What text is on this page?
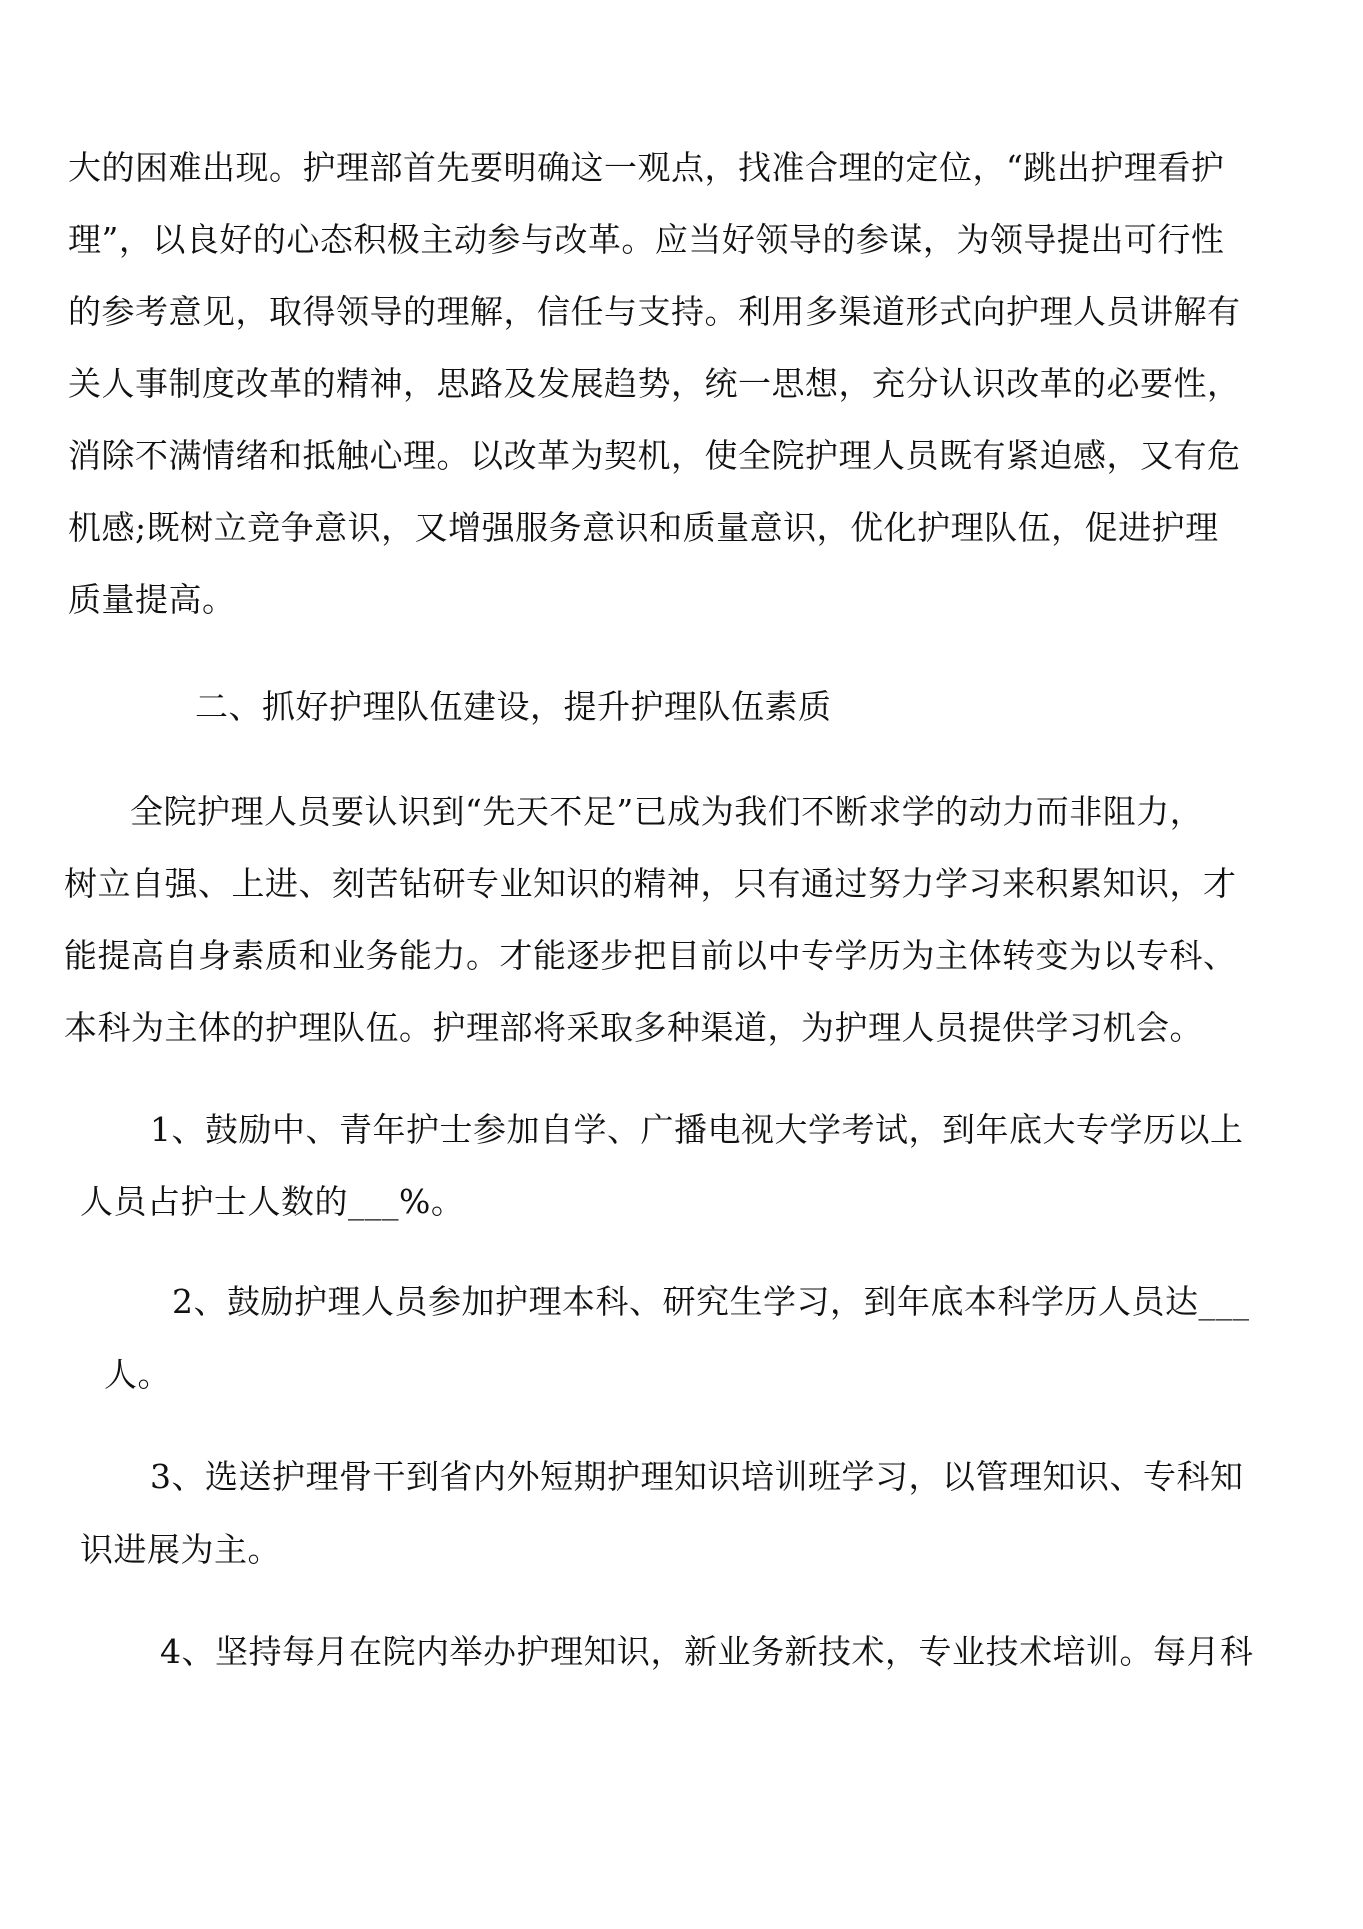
大的困难出现。护理部首先要明确这一观点，找准合理的定位，“跳出护理看护
理”，以良好的心态积极主动参与改革。应当好领导的参谋，为领导提出可行性
的参考意见，取得领导的理解，信任与支持。利用多渠道形式向护理人员讲解有
关人事制度改革的精神，思路及发展趋势，统一思想，充分认识改革的必要性，
消除不满情绪和抵触心理。以改革为契机，使全院护理人员既有紧迫感，又有危
机感;既树立竞争意识，又增强服务意识和质量意识，优化护理队伍，促进护理
质量提高。
二、抓好护理队伍建设，提升护理队伍素质
全院护理人员要认识到“先天不足”已成为我们不断求学的动力而非阻力，
树立自强、上进、刻苦钻研专业知识的精神，只有通过努力学习来积累知识，才
能提高自身素质和业务能力。才能逐步把目前以中专学历为主体转变为以专科、
本科为主体的护理队伍。护理部将采取多种渠道，为护理人员提供学习机会。
1、鼓励中、青年护士参加自学、广播电视大学考试，到年底大专学历以上
人员占护士人数的___%。
2、鼓励护理人员参加护理本科、研究生学习，到年底本科学历人员达___
人。
3、选送护理骨干到省内外短期护理知识培训班学习，以管理知识、专科知
识进展为主。
4、坚持每月在院内举办护理知识，新业务新技术，专业技术培训。每月科
